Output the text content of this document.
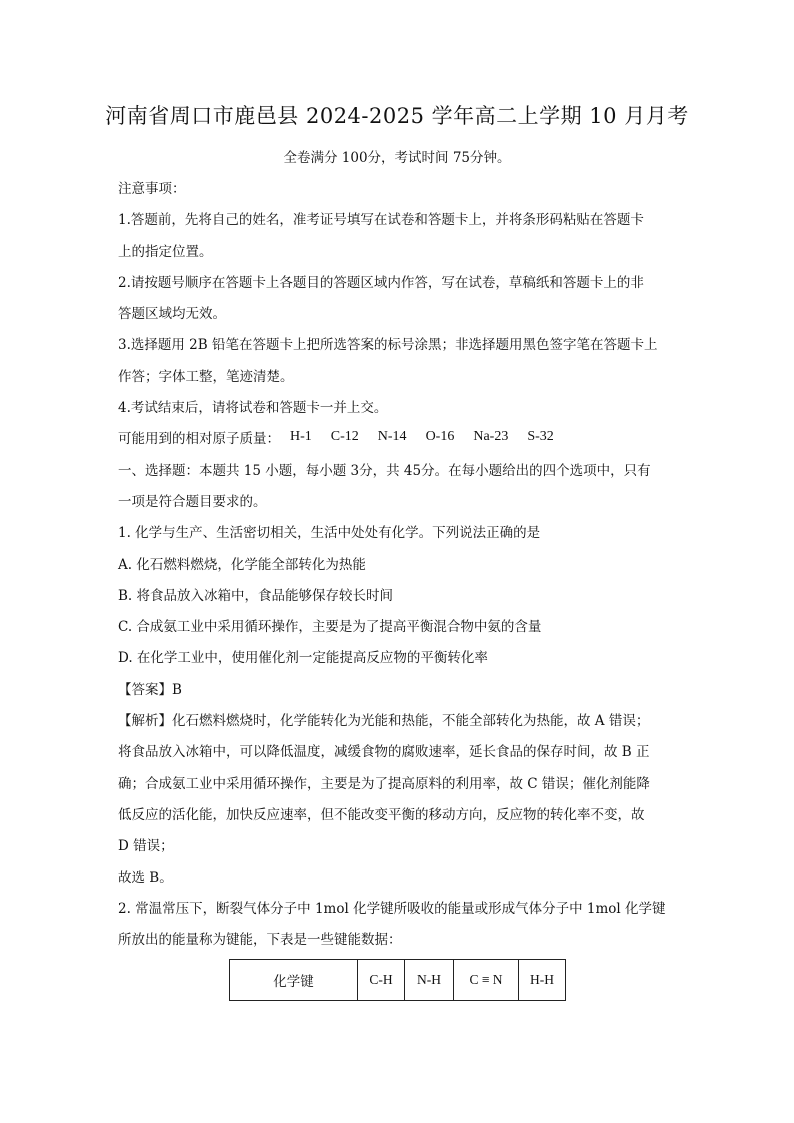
河南省周口市鹿邑县 2024-2025 学年高二上学期 10 月月考
全卷满分 100分，考试时间 75分钟。

注意事项：

1.答题前，先将自己的姓名，准考证号填写在试卷和答题卡上，并将条形码粘贴在答题卡

上的指定位置。

2.请按题号顺序在答题卡上各题目的答题区域内作答，写在试卷，草稿纸和答题卡上的非

答题区域均无效。

3.选择题用 2B 铅笔在答题卡上把所选答案的标号涂黑；非选择题用黑色签字笔在答题卡上

作答；字体工整，笔迹清楚。

4.考试结束后，请将试卷和答题卡一并上交。

可能用到的相对原子质量： H-1 C-12 N-14 O-16 Na-23 S-32

一、选择题：本题共 15 小题，每小题 3分，共 45分。在每小题给出的四个选项中，只有

一项是符合题目要求的。

1. 化学与生产、生活密切相关，生活中处处有化学。下列说法正确的是

A. 化石燃料燃烧，化学能全部转化为热能

B. 将食品放入冰箱中，食品能够保存较长时间

C. 合成氨工业中采用循环操作，主要是为了提高平衡混合物中氨的含量

D. 在化学工业中，使用催化剂一定能提高反应物的平衡转化率

【答案】B

【解析】化石燃料燃烧时，化学能转化为光能和热能，不能全部转化为热能，故 A 错误；

将食品放入冰箱中，可以降低温度，减缓食物的腐败速率，延长食品的保存时间，故 B 正

确；合成氨工业中采用循环操作，主要是为了提高原料的利用率，故 C 错误；催化剂能降

低反应的活化能，加快反应速率，但不能改变平衡的移动方向，反应物的转化率不变，故

D 错误；

故选 B。

2. 常温常压下，断裂气体分子中 1mol 化学键所吸收的能量或形成气体分子中 1mol 化学键

所放出的能量称为键能，下表是一些键能数据：

化学键	C-H	N-H	C ≡ N	H-H
